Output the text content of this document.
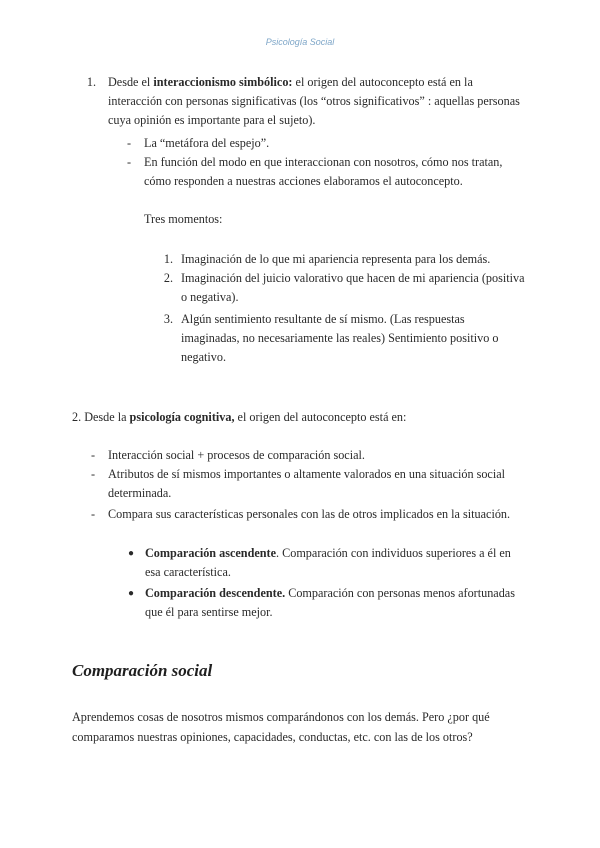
Psicología Social
1. Desde el interaccionismo simbólico: el origen del autoconcepto está en la
interacción con personas significativas (los “otros significativos” : aquellas personas
cuya opinión es importante para el sujeto).
-	La “metáfora del espejo”.
-	En función del modo en que interaccionan con nosotros, cómo nos tratan,
cómo responden a nuestras acciones elaboramos el autoconcepto.
Tres momentos:
1. Imaginación de lo que mi apariencia representa para los demás.
2. Imaginación del juicio valorativo que hacen de mi apariencia (positiva
o negativa).
3. Algún sentimiento resultante de sí mismo. (Las respuestas
imaginadas, no necesariamente las reales) Sentimiento positivo o
negativo.
2. Desde la psicología cognitiva, el origen del autoconcepto está en:
-	Interacción social + procesos de comparación social.
-	Atributos de sí mismos importantes o altamente valorados en una situación social
determinada.
-	Compara sus características personales con las de otros implicados en la situación.
● Comparación ascendente. Comparación con individuos superiores a él en
esa característica.
● Comparación descendente. Comparación con personas menos afortunadas
que él para sentirse mejor.
Comparación social
Aprendemos cosas de nosotros mismos comparándonos con los demás. Pero ¿por qué
comparamos nuestras opiniones, capacidades, conductas, etc. con las de los otros?
